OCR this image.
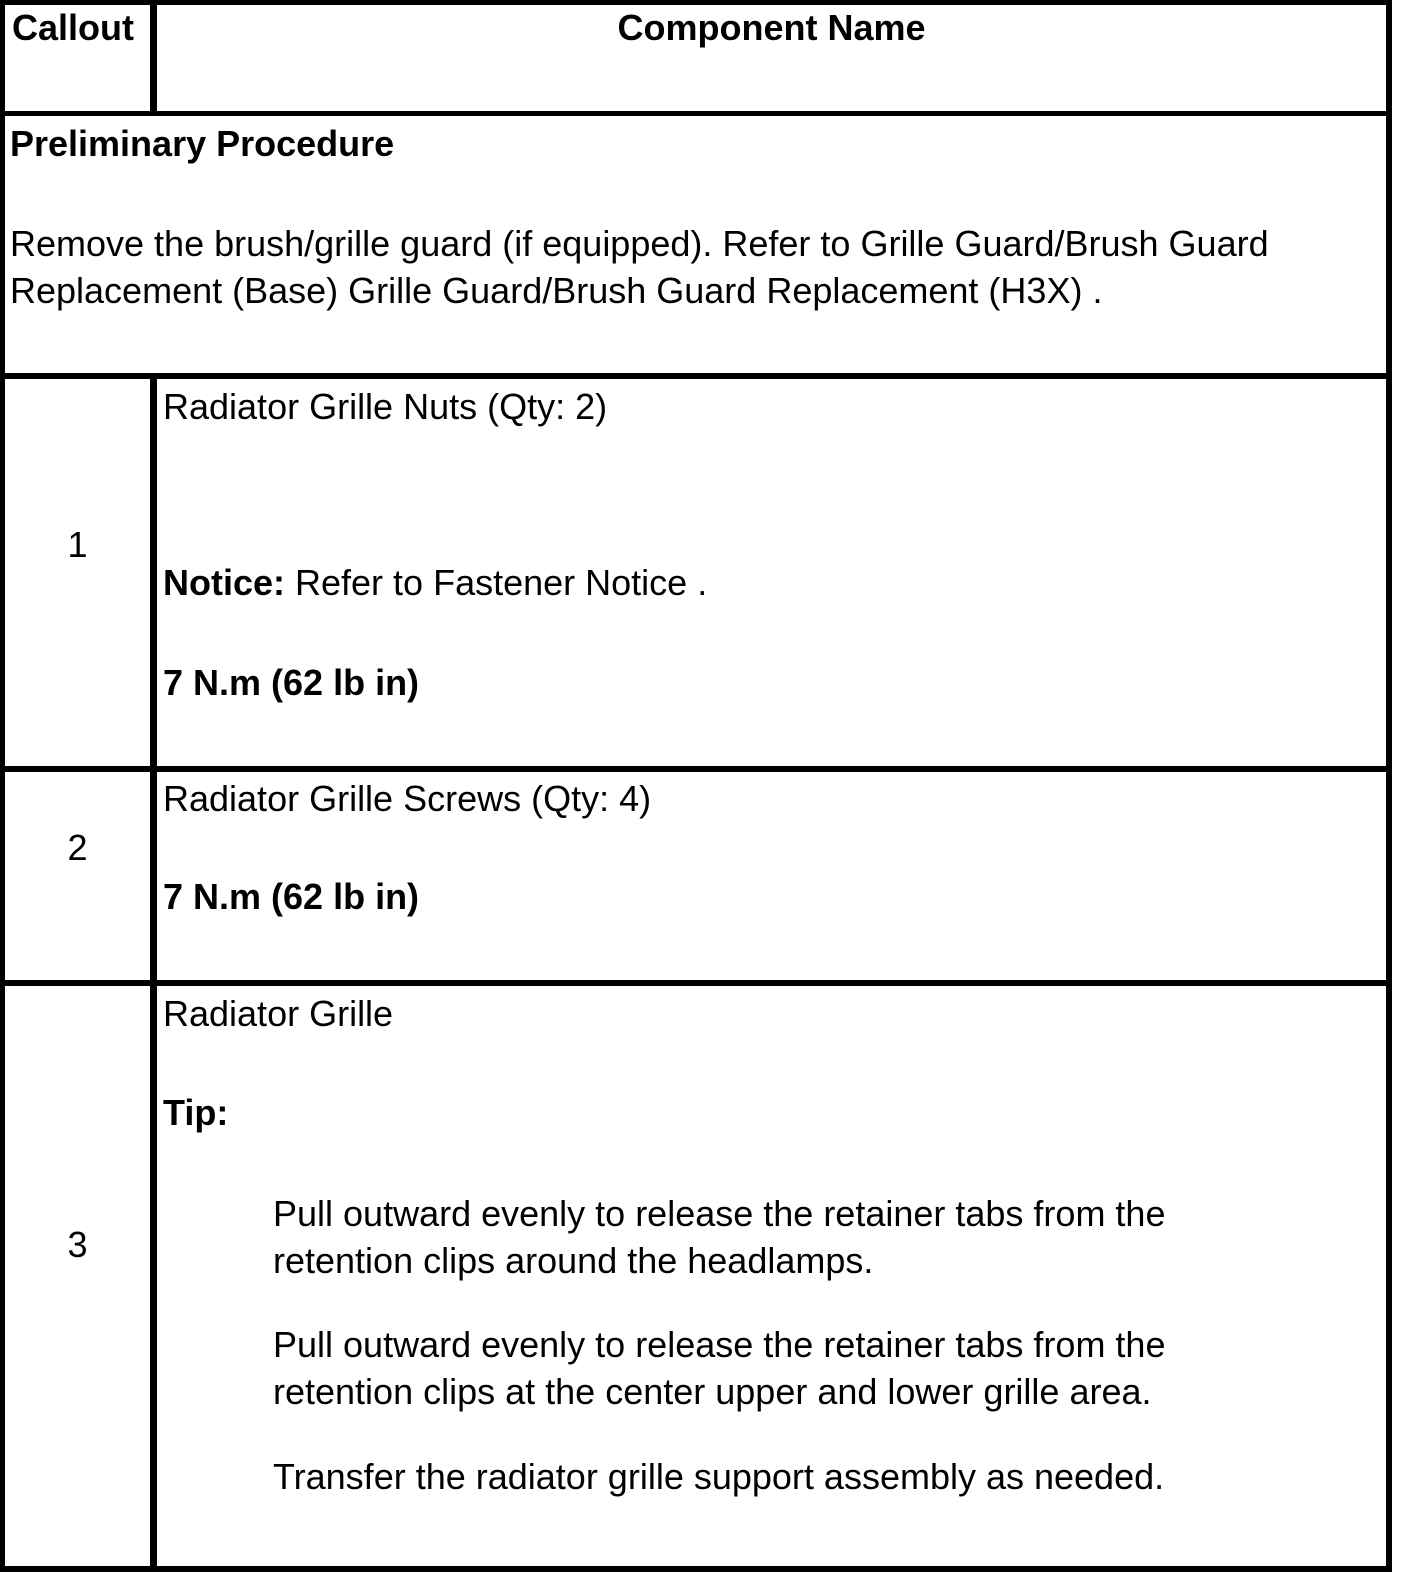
Callout	Component Name
Preliminary Procedure
Remove the brush/grille guard (if equipped). Refer to Grille Guard/Brush Guard
Replacement (Base) Grille Guard/Brush Guard Replacement (H3X) .
1
Radiator Grille Nuts (Qty: 2)
Notice: Refer to Fastener Notice .
7 N.m (62 lb in)
2
Radiator Grille Screws (Qty: 4)
7 N.m (62 lb in)
3
Radiator Grille
Tip:
Pull outward evenly to release the retainer tabs from the
retention clips around the headlamps.
Pull outward evenly to release the retainer tabs from the
retention clips at the center upper and lower grille area.
Transfer the radiator grille support assembly as needed.
